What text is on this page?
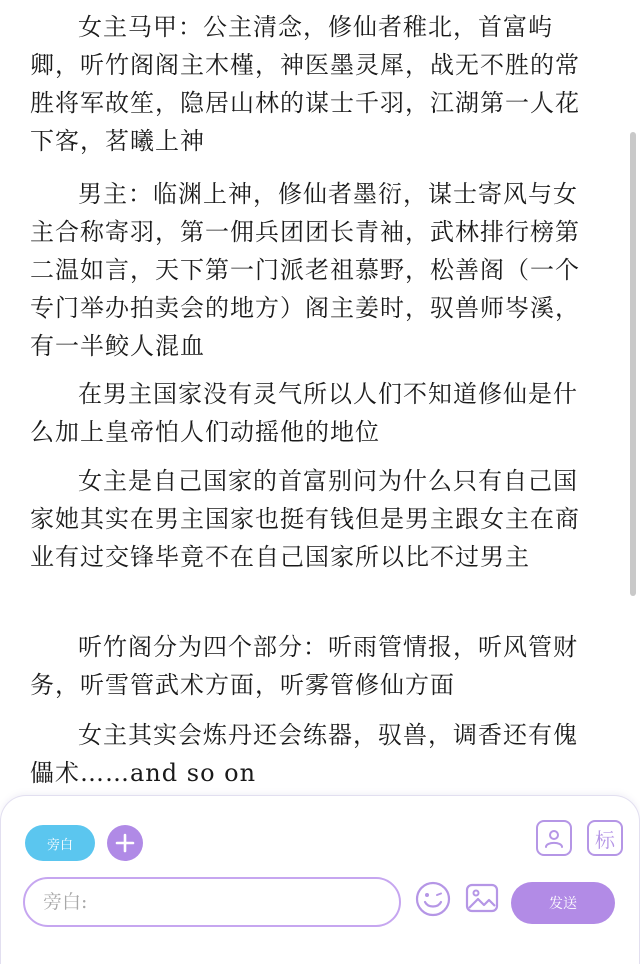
女主马甲：公主清念，修仙者稚北，首富屿卿，听竹阁阁主木槿，神医墨灵犀，战无不胜的常胜将军故笙，隐居山林的谋士千羽，江湖第一人花下客，茗曦上神

男主：临渊上神，修仙者墨衍，谋士寄风与女主合称寄羽，第一佣兵团团长青袖，武林排行榜第二温如言，天下第一门派老祖慕野，松善阁（一个专门举办拍卖会的地方）阁主姜时，驭兽师岑溪，有一半鲛人混血

在男主国家没有灵气所以人们不知道修仙是什么加上皇帝怕人们动摇他的地位

女主是自己国家的首富别问为什么只有自己国家她其实在男主国家也挺有钱但是男主跟女主在商业有过交锋毕竟不在自己国家所以比不过男主

听竹阁分为四个部分：听雨管情报，听风管财务，听雪管武术方面，听雾管修仙方面

女主其实会炼丹还会练器，驭兽，调香还有傀儡术……and so on

旁白	标
旁白:
发送
